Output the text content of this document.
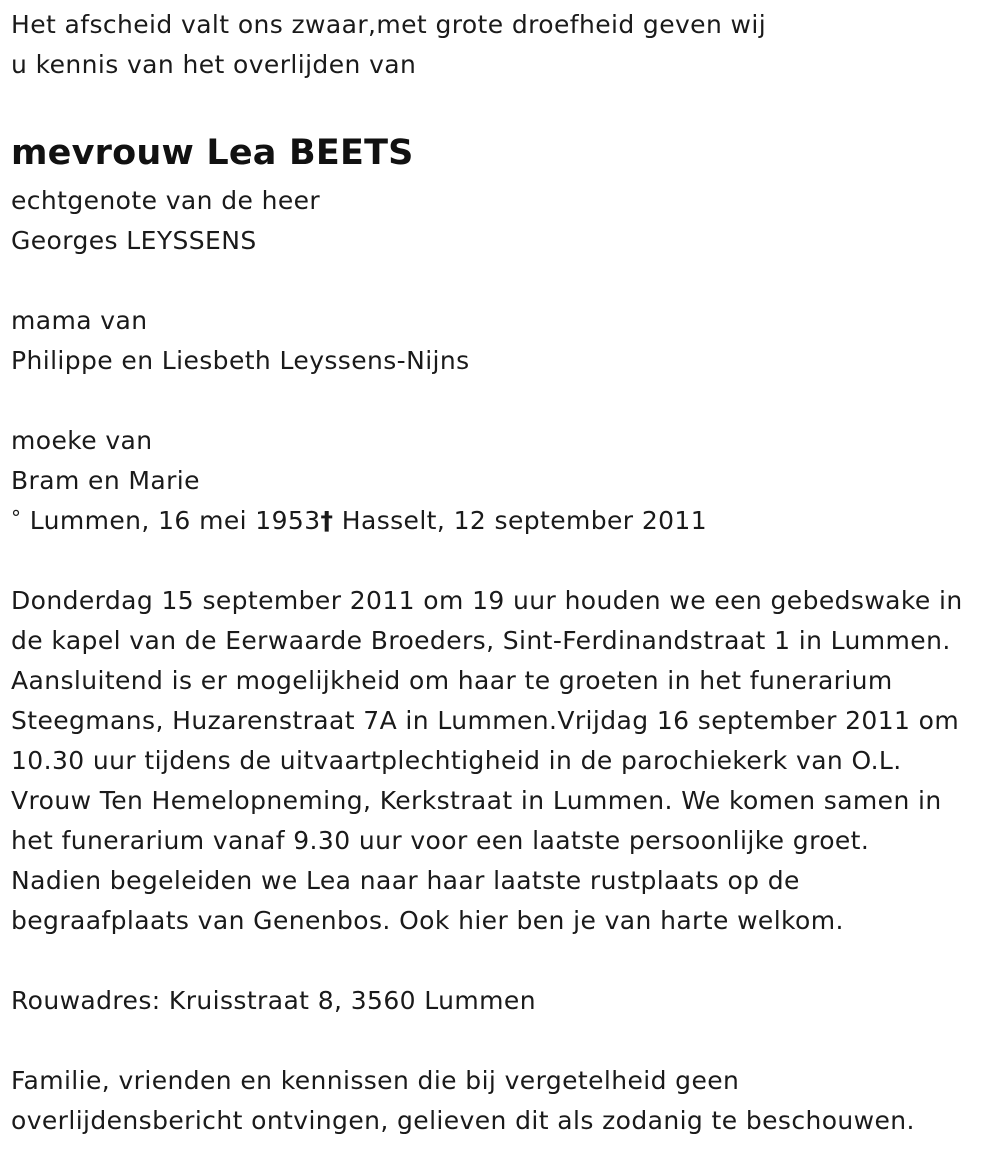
Het afscheid valt ons zwaar,met grote droefheid geven wij
u kennis van het overlijden van
mevrouw Lea BEETS
echtgenote van de heer
Georges LEYSSENS
mama van
Philippe en Liesbeth Leyssens-Nijns
moeke van
Bram en Marie
° Lummen, 16 mei 1953† Hasselt, 12 september 2011
Donderdag 15 september 2011 om 19 uur houden we een gebedswake in
de kapel van de Eerwaarde Broeders, Sint-Ferdinandstraat 1 in Lummen.
Aansluitend is er mogelijkheid om haar te groeten in het funerarium
Steegmans, Huzarenstraat 7A in Lummen.Vrijdag 16 september 2011 om
10.30 uur tijdens de uitvaartplechtigheid in de parochiekerk van O.L.
Vrouw Ten Hemelopneming, Kerkstraat in Lummen. We komen samen in
het funerarium vanaf 9.30 uur voor een laatste persoonlijke groet.
Nadien begeleiden we Lea naar haar laatste rustplaats op de
begraafplaats van Genenbos. Ook hier ben je van harte welkom.
Rouwadres: Kruisstraat 8, 3560 Lummen
Familie, vrienden en kennissen die bij vergetelheid geen
overlijdensbericht ontvingen, gelieven dit als zodanig te beschouwen.
